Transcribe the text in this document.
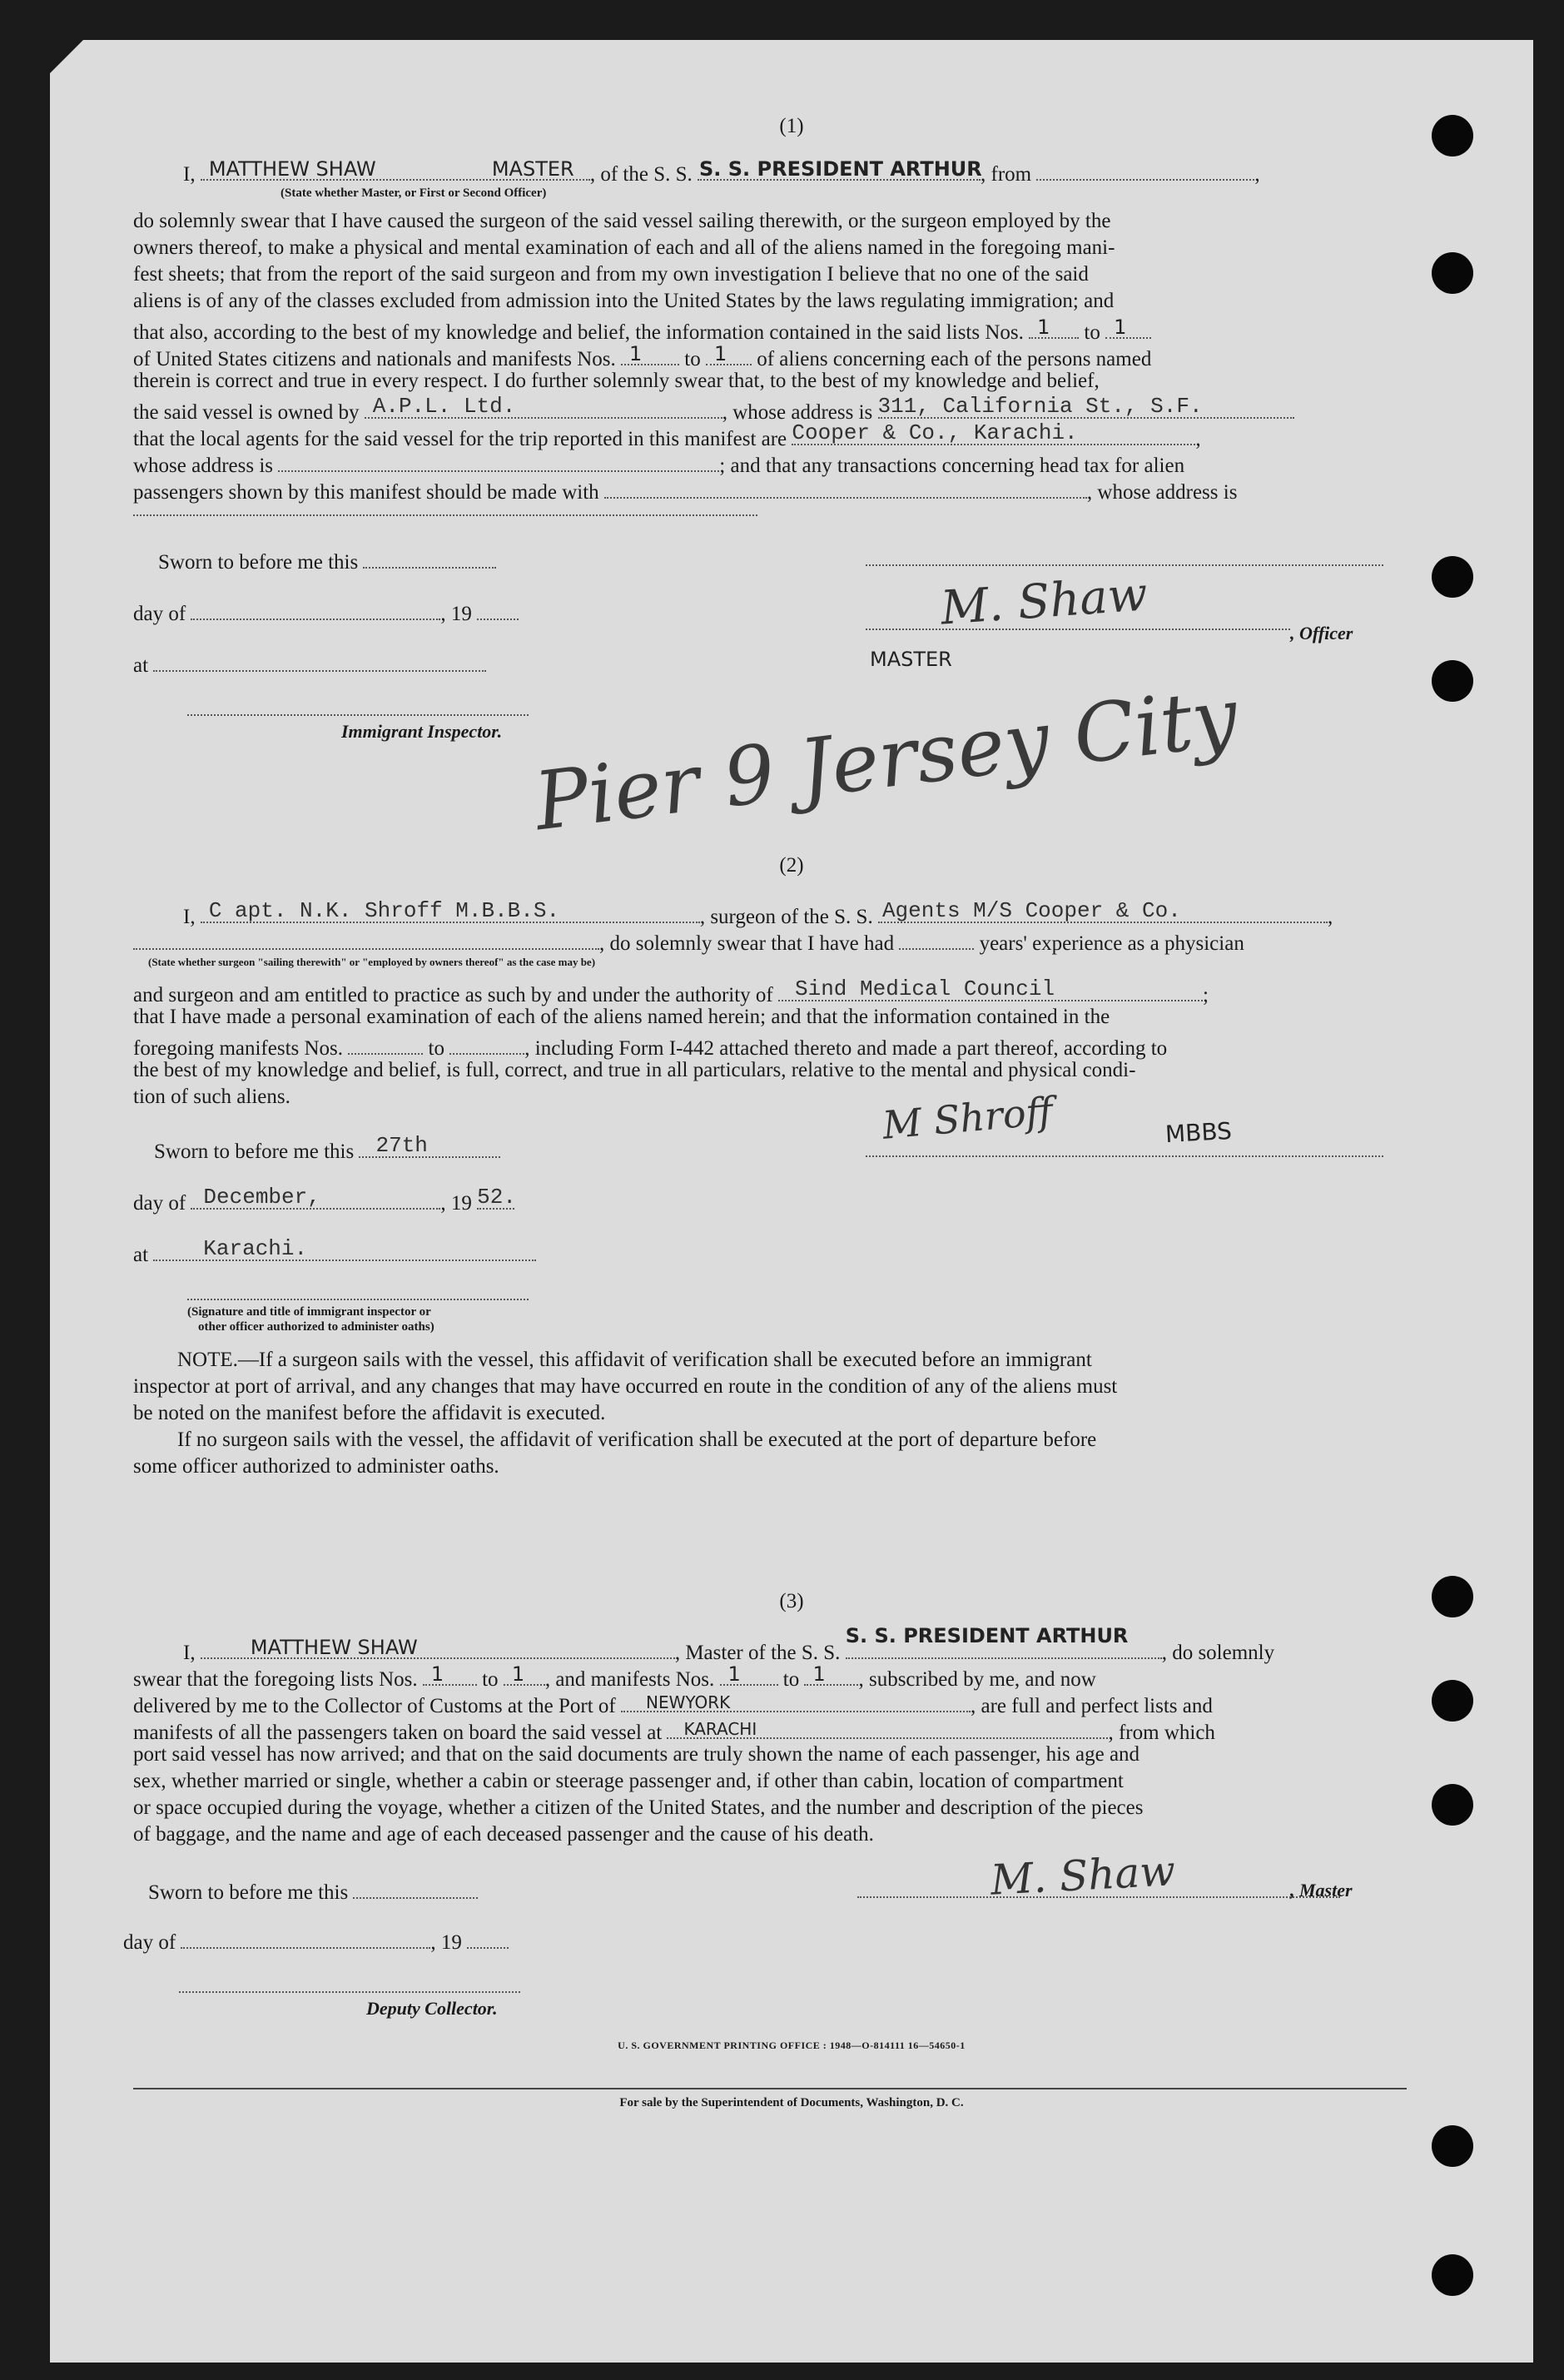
(1)
I, MATTHEW SHAW	MASTER , of the S. S. S. S. PRESIDENT ARTHUR
, from	,
(State whether Master, or First or Second Officer)
do solemnly swear that I have caused the surgeon of the said vessel sailing therewith, or the surgeon employed by the
owners thereof, to make a physical and mental examination of each and all of the aliens named in the foregoing mani-
fest sheets; that from the report of the said surgeon and from my own investigation I believe that no one of the said
aliens is of any of the classes excluded from admission into the United States by the laws regulating immigration; and
that also, according to the best of my knowledge and belief, the information contained in the said lists Nos. 1 to 1
of United States citizens and nationals and manifests Nos. 1 to 1 of aliens concerning each of the persons named
therein is correct and true in every respect. I do further solemnly swear that, to the best of my knowledge and belief,
the said vessel is owned by A.P.L. Ltd.	, whose address is 311, California St., S.F.
that the local agents for the said vessel for the trip reported in this manifest are Cooper & Co., Karachi.	,
whose address is	; and that any transactions concerning head tax for alien
passengers shown by this manifest should be made with	, whose address is
Sworn to before me this
day of	, 19	M. Shaw	, Officer
MASTER
at
Immigrant Inspector. Pier 9 Jersey City
(2)
I, C apt. N.K. Shroff M.B.B.S.	, surgeon of the S. S. Agents M/S Cooper & Co.	,
, do solemnly swear that I have had	years' experience as a physician
(State whether surgeon "sailing therewith" or "employed by owners thereof" as the case may be)
and surgeon and am entitled to practice as such by and under the authority of Sind Medical Council	;
that I have made a personal examination of each of the aliens named herein; and that the information contained in the
foregoing manifests Nos.	to	, including Form I-442 attached thereto and made a part thereof, according to
the best of my knowledge and belief, is full, correct, and true in all particulars, relative to the mental and physical condi-
tion of such aliens.
Sworn to before me this 27th	M Shroff	MBBS
day of December,	, 19 52.
at	Karachi.
(Signature and title of immigrant inspector or
other officer authorized to administer oaths)
NOTE.—If a surgeon sails with the vessel, this affidavit of verification shall be executed before an immigrant
inspector at port of arrival, and any changes that may have occurred en route in the condition of any of the aliens must
be noted on the manifest before the affidavit is executed.
If no surgeon sails with the vessel, the affidavit of verification shall be executed at the port of departure before
some officer authorized to administer oaths.
(3)
I,	MATTHEW SHAW	, Master of the S. S.
S. S. PRESIDENT ARTHUR
, do solemnly
swear that the foregoing lists Nos. 1 to 1 , and manifests Nos. 1 to 1 , subscribed by me, and now
delivered by me to the Collector of Customs at the Port of NEWYORK	, are full and perfect lists and
manifests of all the passengers taken on board the said vessel at KARACHI	, from which
port said vessel has now arrived; and that on the said documents are truly shown the name of each passenger, his age and
sex, whether married or single, whether a cabin or steerage passenger and, if other than cabin, location of compartment
or space occupied during the voyage, whether a citizen of the United States, and the number and description of the pieces
of baggage, and the name and age of each deceased passenger and the cause of his death.
Sworn to before me this	M. Shaw	, Master
day of	, 19
Deputy Collector.
U. S. GOVERNMENT PRINTING OFFICE : 1948—O-814111 16—54650-1
For sale by the Superintendent of Documents, Washington, D. C.
